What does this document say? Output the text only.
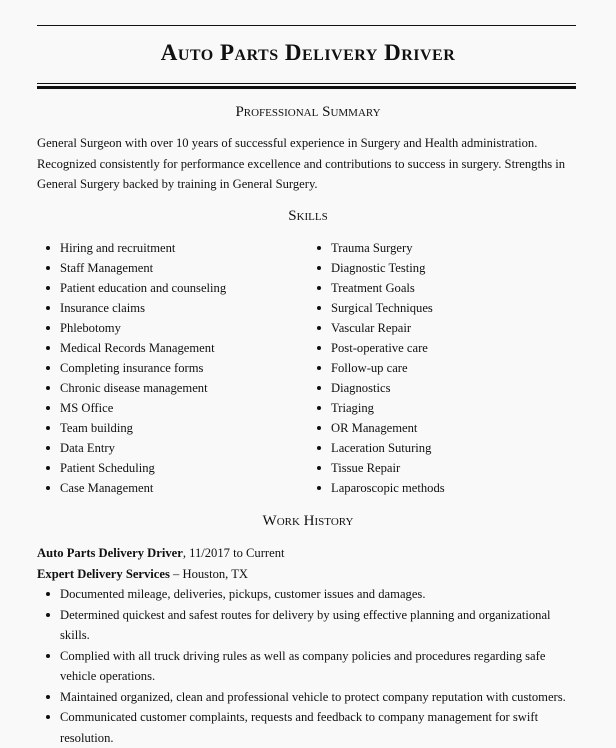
Auto Parts Delivery Driver
Professional Summary
General Surgeon with over 10 years of successful experience in Surgery and Health administration. Recognized consistently for performance excellence and contributions to success in surgery. Strengths in General Surgery backed by training in General Surgery.
Skills
Hiring and recruitment
Staff Management
Patient education and counseling
Insurance claims
Phlebotomy
Medical Records Management
Completing insurance forms
Chronic disease management
MS Office
Team building
Data Entry
Patient Scheduling
Case Management
Trauma Surgery
Diagnostic Testing
Treatment Goals
Surgical Techniques
Vascular Repair
Post-operative care
Follow-up care
Diagnostics
Triaging
OR Management
Laceration Suturing
Tissue Repair
Laparoscopic methods
Work History
Auto Parts Delivery Driver, 11/2017 to Current
Expert Delivery Services – Houston, TX
Documented mileage, deliveries, pickups, customer issues and damages.
Determined quickest and safest routes for delivery by using effective planning and organizational skills.
Complied with all truck driving rules as well as company policies and procedures regarding safe vehicle operations.
Maintained organized, clean and professional vehicle to protect company reputation with customers.
Communicated customer complaints, requests and feedback to company management for swift resolution.
